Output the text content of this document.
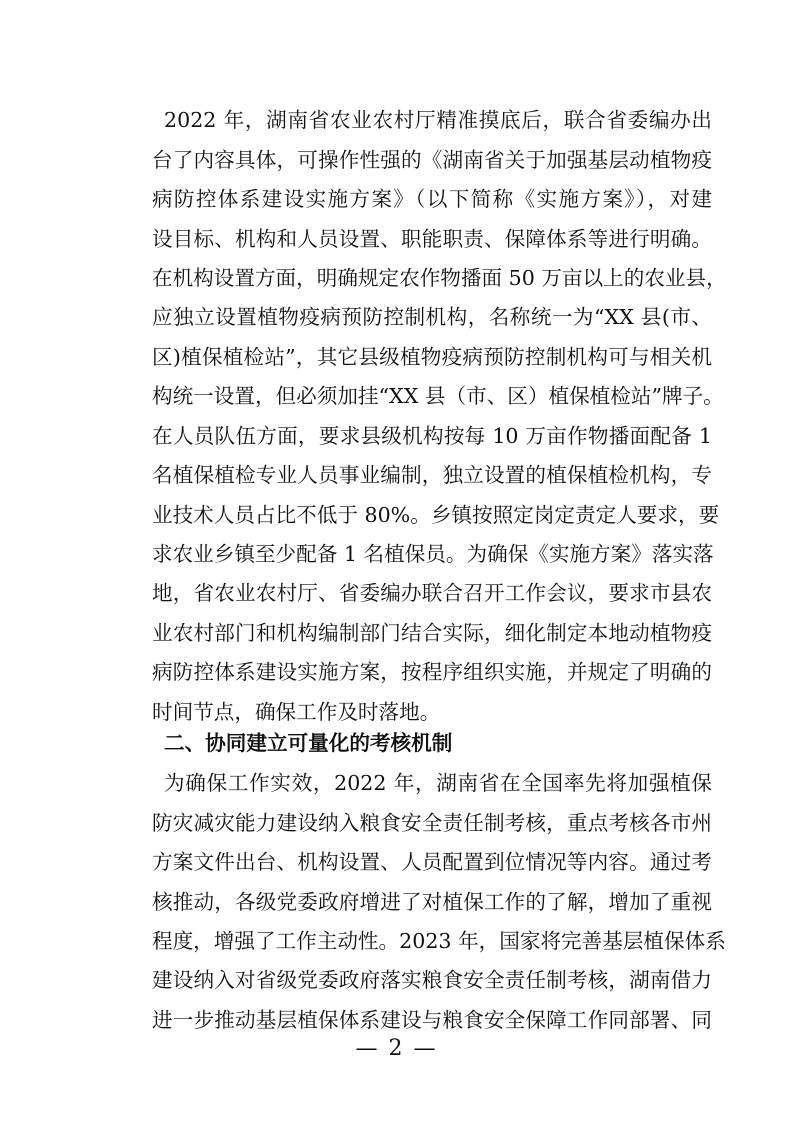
2022 年，湖南省农业农村厅精准摸底后，联合省委编办出
台了内容具体，可操作性强的《湖南省关于加强基层动植物疫
病防控体系建设实施方案》（以下简称《实施方案》），对建
设目标、机构和人员设置、职能职责、保障体系等进行明确。
在机构设置方面，明确规定农作物播面 50 万亩以上的农业县，
应独立设置植物疫病预防控制机构，名称统一为“XX 县(市、
区)植保植检站”，其它县级植物疫病预防控制机构可与相关机
构统一设置，但必须加挂“XX 县（市、区）植保植检站”牌子。
在人员队伍方面，要求县级机构按每 10 万亩作物播面配备 1
名植保植检专业人员事业编制，独立设置的植保植检机构，专
业技术人员占比不低于 80%。乡镇按照定岗定责定人要求，要
求农业乡镇至少配备 1 名植保员。为确保《实施方案》落实落
地，省农业农村厅、省委编办联合召开工作会议，要求市县农
业农村部门和机构编制部门结合实际，细化制定本地动植物疫
病防控体系建设实施方案，按程序组织实施，并规定了明确的
时间节点，确保工作及时落地。
二、协同建立可量化的考核机制
为确保工作实效，2022 年，湖南省在全国率先将加强植保
防灾减灾能力建设纳入粮食安全责任制考核，重点考核各市州
方案文件出台、机构设置、人员配置到位情况等内容。通过考
核推动，各级党委政府增进了对植保工作的了解，增加了重视
程度，增强了工作主动性。2023 年，国家将完善基层植保体系
建设纳入对省级党委政府落实粮食安全责任制考核，湖南借力
进一步推动基层植保体系建设与粮食安全保障工作同部署、同
— 2 —
